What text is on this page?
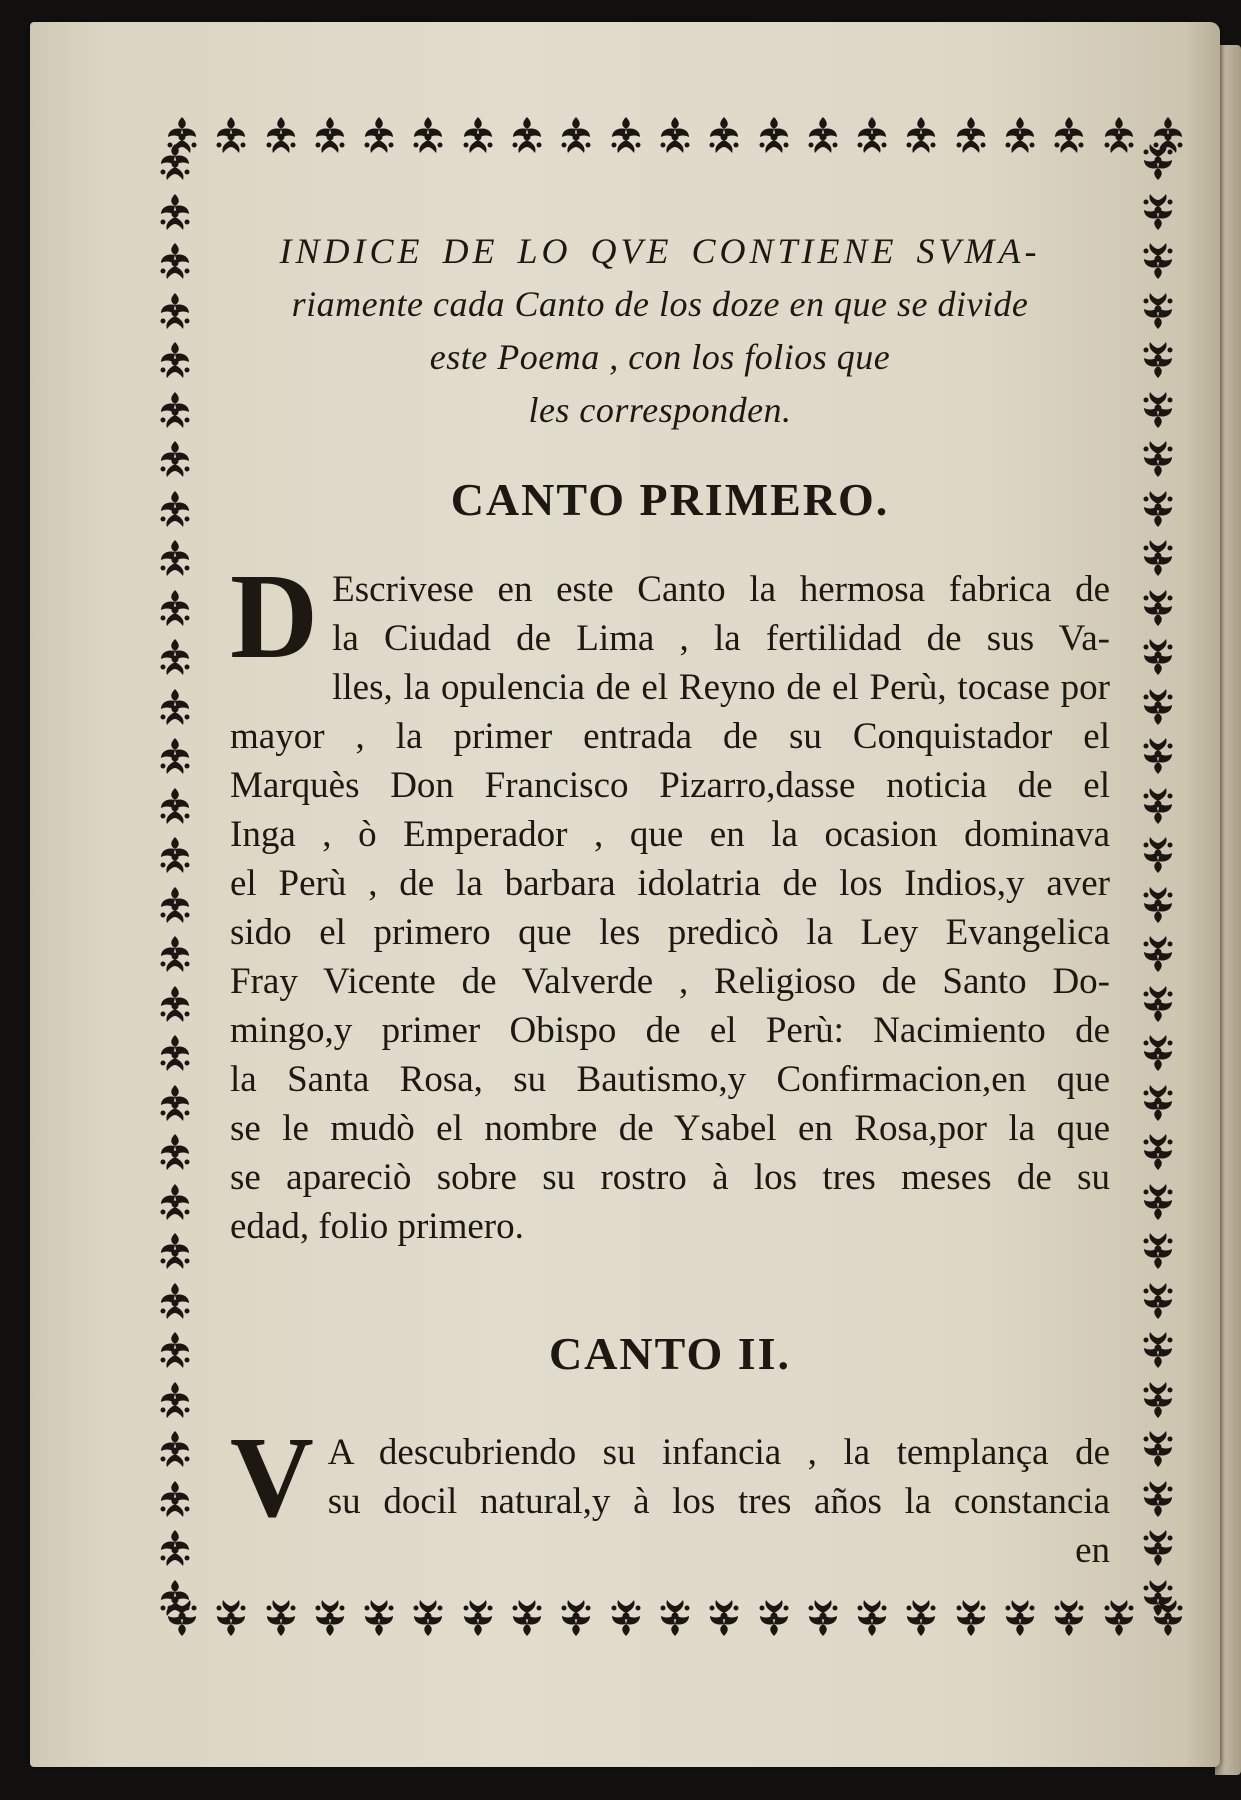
INDICE DE LO QVE CONTIENE SVMA-
riamente cada Canto de los doze en que se divide
este Poema , con los folios que
les corresponden.
CANTO PRIMERO.
D Escrivese en este Canto la hermosa fabrica de
la Ciudad de Lima , la fertilidad de sus Va-
lles, la opulencia de el Reyno de el Perù, tocase por
mayor , la primer entrada de su Conquistador el
Marquès Don Francisco Pizarro,dasse noticia de el
Inga , ò Emperador , que en la ocasion dominava
el Perù , de la barbara idolatria de los Indios,y aver
sido el primero que les predicò la Ley Evangelica
Fray Vicente de Valverde , Religioso de Santo Do-
mingo,y primer Obispo de el Perù: Nacimiento de
la Santa Rosa, su Bautismo,y Confirmacion,en que
se le mudò el nombre de Ysabel en Rosa,por la que
se apareciò sobre su rostro à los tres meses de su
edad, folio primero.
CANTO II.
V A descubriendo su infancia , la templança de
su docil natural,y à los tres años la constancia
en
